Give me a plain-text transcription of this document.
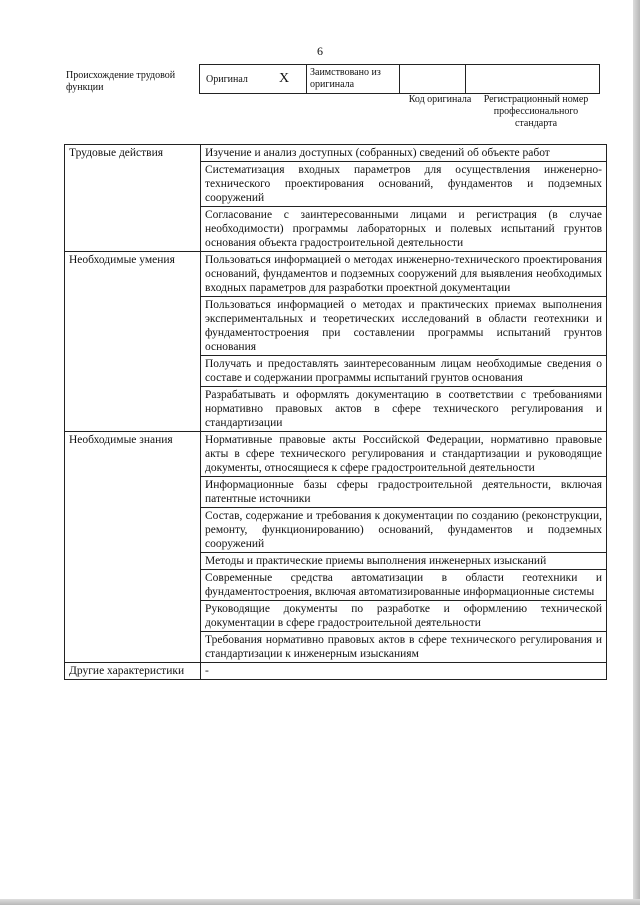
6
Происхождение трудовой функции
Оригинал X Заимствовано из оригинала
Код оригинала	Регистрационный номер профессионального стандарта
Трудовые действия	Изучение и анализ доступных (собранных) сведений об объекте работ
	Систематизация входных параметров для осуществления инженерно-технического проектирования оснований, фундаментов и подземных сооружений
	Согласование с заинтересованными лицами и регистрация (в случае необходимости) программы лабораторных и полевых испытаний грунтов основания объекта градостроительной деятельности
Необходимые умения	Пользоваться информацией о методах инженерно-технического проектирования оснований, фундаментов и подземных сооружений для выявления необходимых входных параметров для разработки проектной документации
	Пользоваться информацией о методах и практических приемах выполнения экспериментальных и теоретических исследований в области геотехники и фундаментостроения при составлении программы испытаний грунтов основания
	Получать и предоставлять заинтересованным лицам необходимые сведения о составе и содержании программы испытаний грунтов основания
	Разрабатывать и оформлять документацию в соответствии с требованиями нормативно правовых актов в сфере технического регулирования и стандартизации
Необходимые знания	Нормативные правовые акты Российской Федерации, нормативно правовые акты в сфере технического регулирования и стандартизации и руководящие документы, относящиеся к сфере градостроительной деятельности
	Информационные базы сферы градостроительной деятельности, включая патентные источники
	Состав, содержание и требования к документации по созданию (реконструкции, ремонту, функционированию) оснований, фундаментов и подземных сооружений
	Методы и практические приемы выполнения инженерных изысканий
	Современные средства автоматизации в области геотехники и фундаментостроения, включая автоматизированные информационные системы
	Руководящие документы по разработке и оформлению технической документации в сфере градостроительной деятельности
	Требования нормативно правовых актов в сфере технического регулирования и стандартизации к инженерным изысканиям
Другие характеристики	-
